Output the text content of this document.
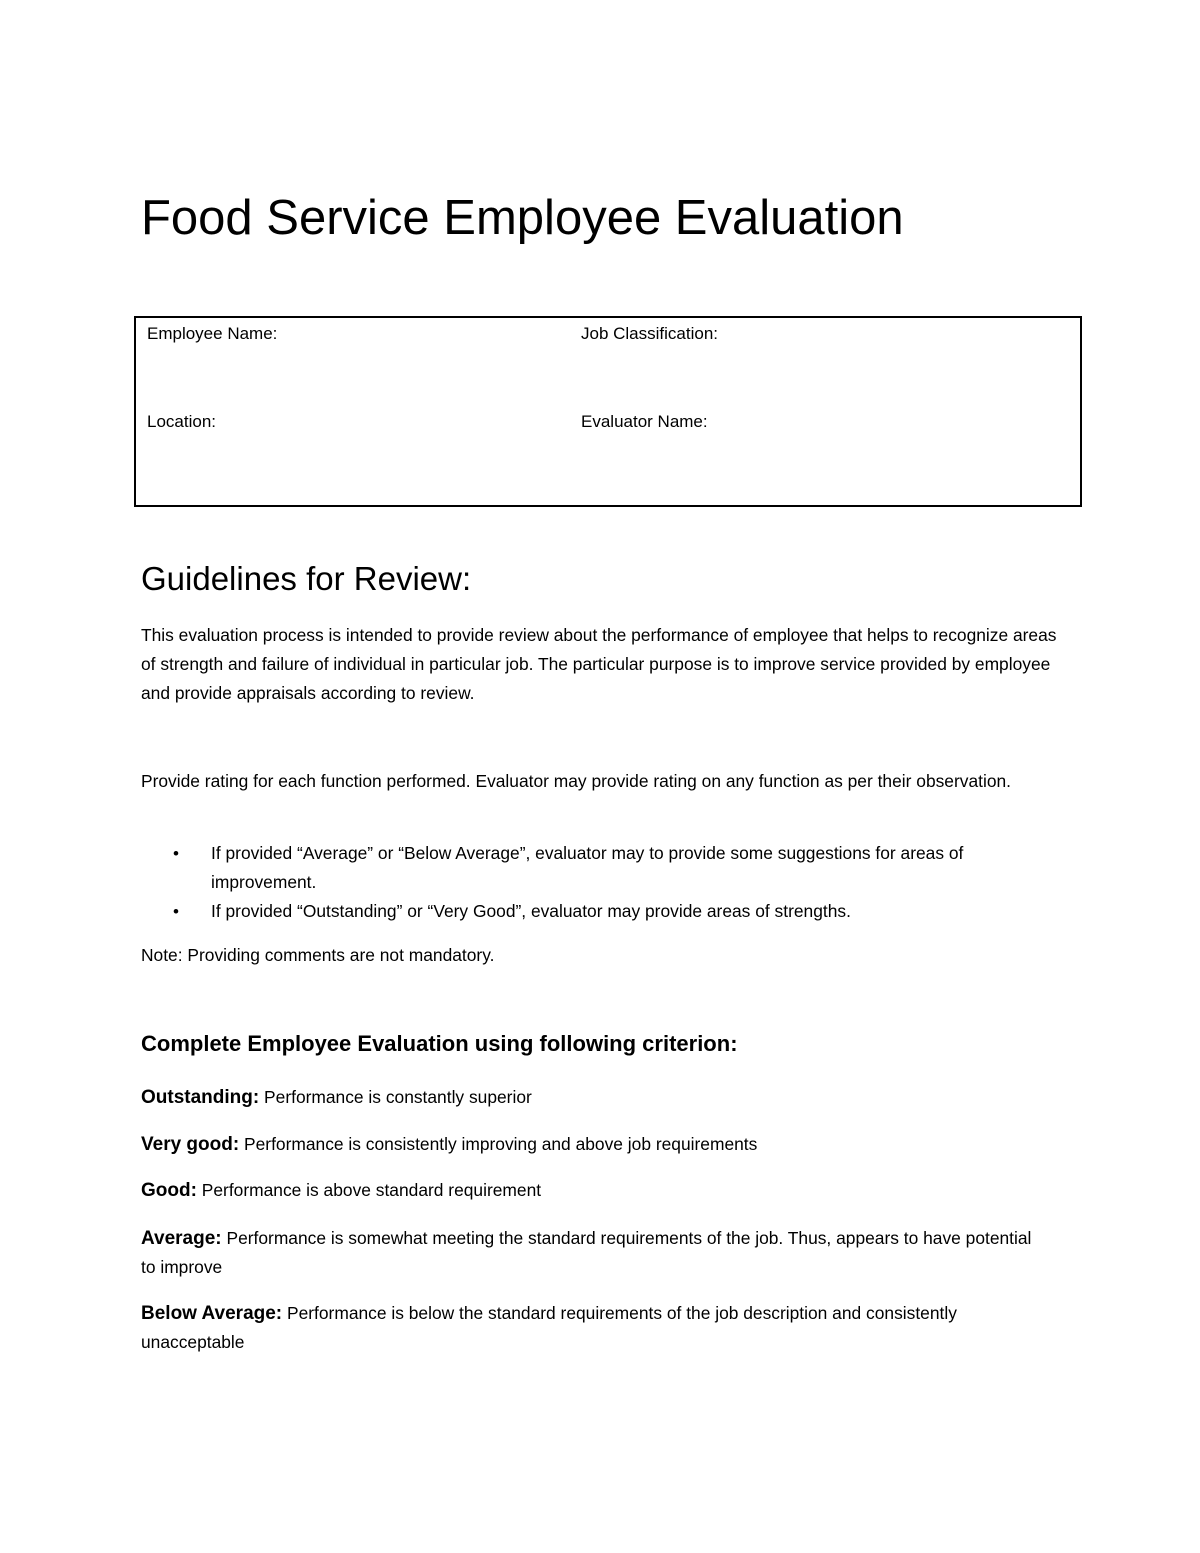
Food Service Employee Evaluation
Employee Name:	Job Classification:
Location:	Evaluator Name:
Guidelines for Review:

This evaluation process is intended to provide review about the performance of employee that helps to recognize areas of strength and failure of individual in particular job. The particular purpose is to improve service provided by employee and provide appraisals according to review.

Provide rating for each function performed. Evaluator may provide rating on any function as per their observation.

• If provided “Average” or “Below Average”, evaluator may to provide some suggestions for areas of improvement.
• If provided “Outstanding” or “Very Good”, evaluator may provide areas of strengths.

Note: Providing comments are not mandatory.

Complete Employee Evaluation using following criterion:

Outstanding: Performance is constantly superior

Very good: Performance is consistently improving and above job requirements

Good: Performance is above standard requirement

Average: Performance is somewhat meeting the standard requirements of the job. Thus, appears to have potential to improve

Below Average: Performance is below the standard requirements of the job description and consistently unacceptable
